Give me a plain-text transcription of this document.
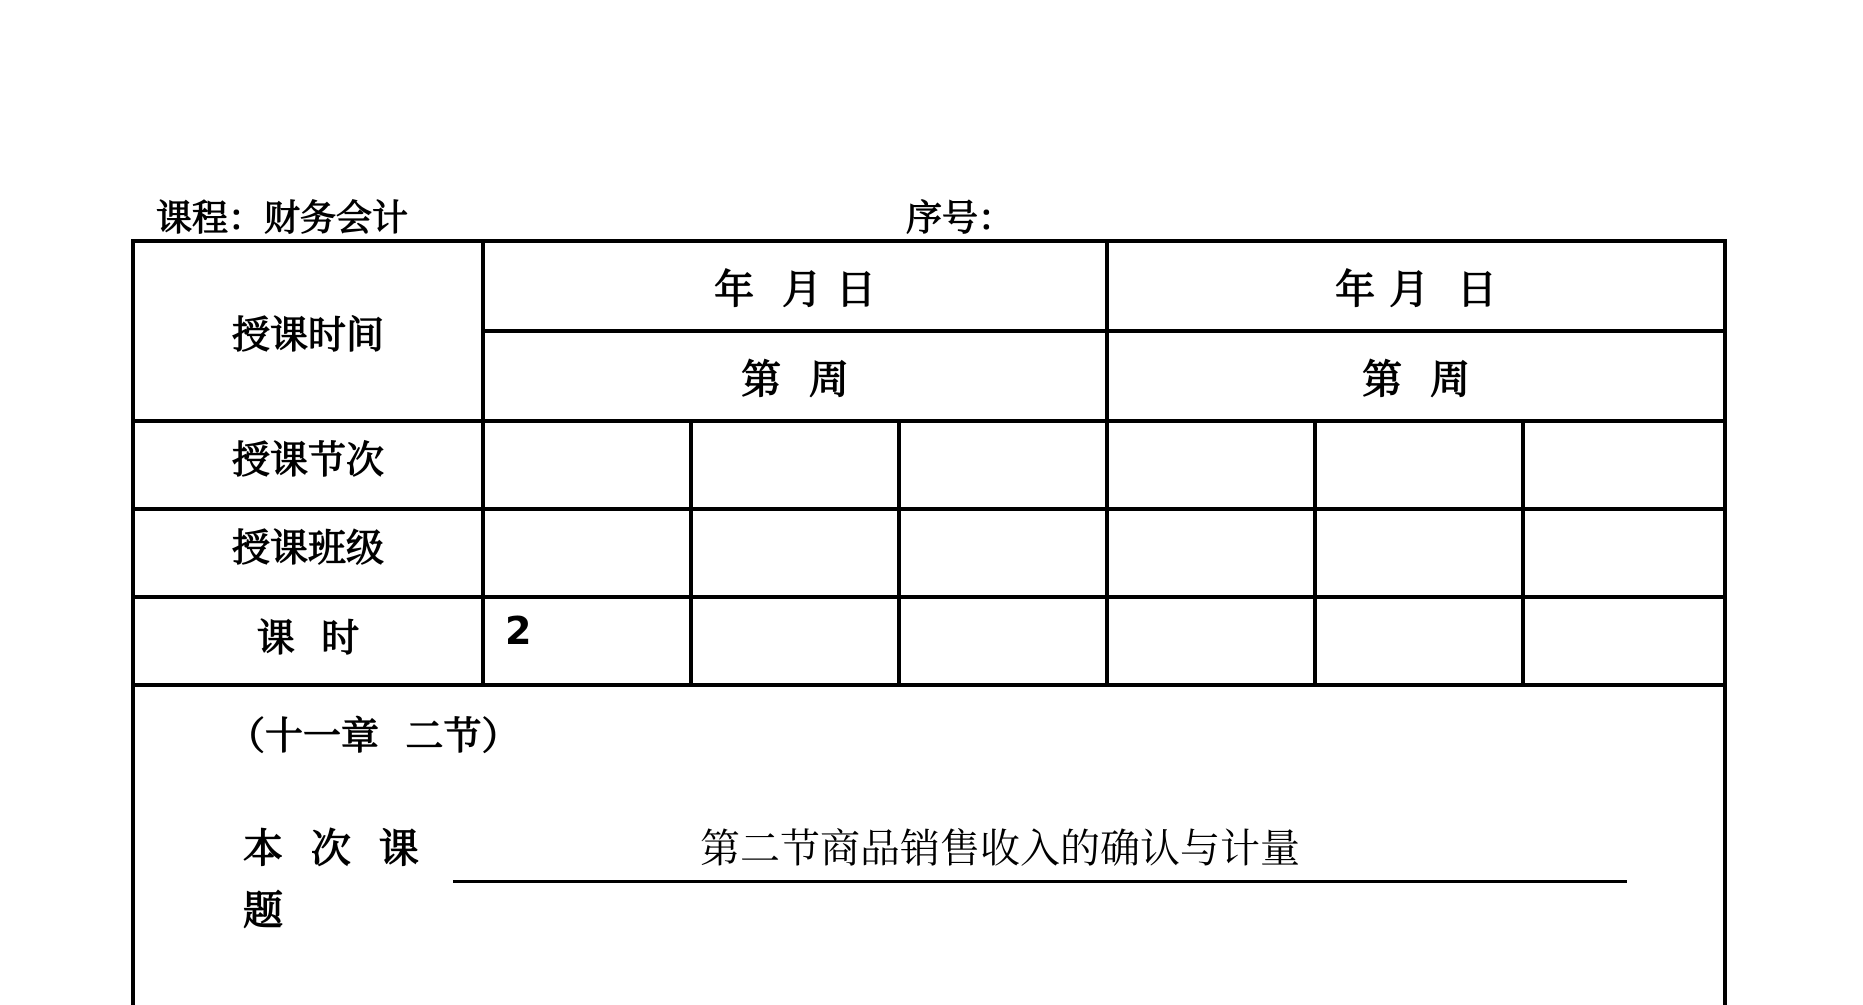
课程：财务会计	序号：
授课时间	年  月 日			年 月  日		
	第  周			第  周		
授课节次						
授课班级						
课  时	2					

（十一章  二节）
本  次  课
题
第二节商品销售收入的确认与计量						
